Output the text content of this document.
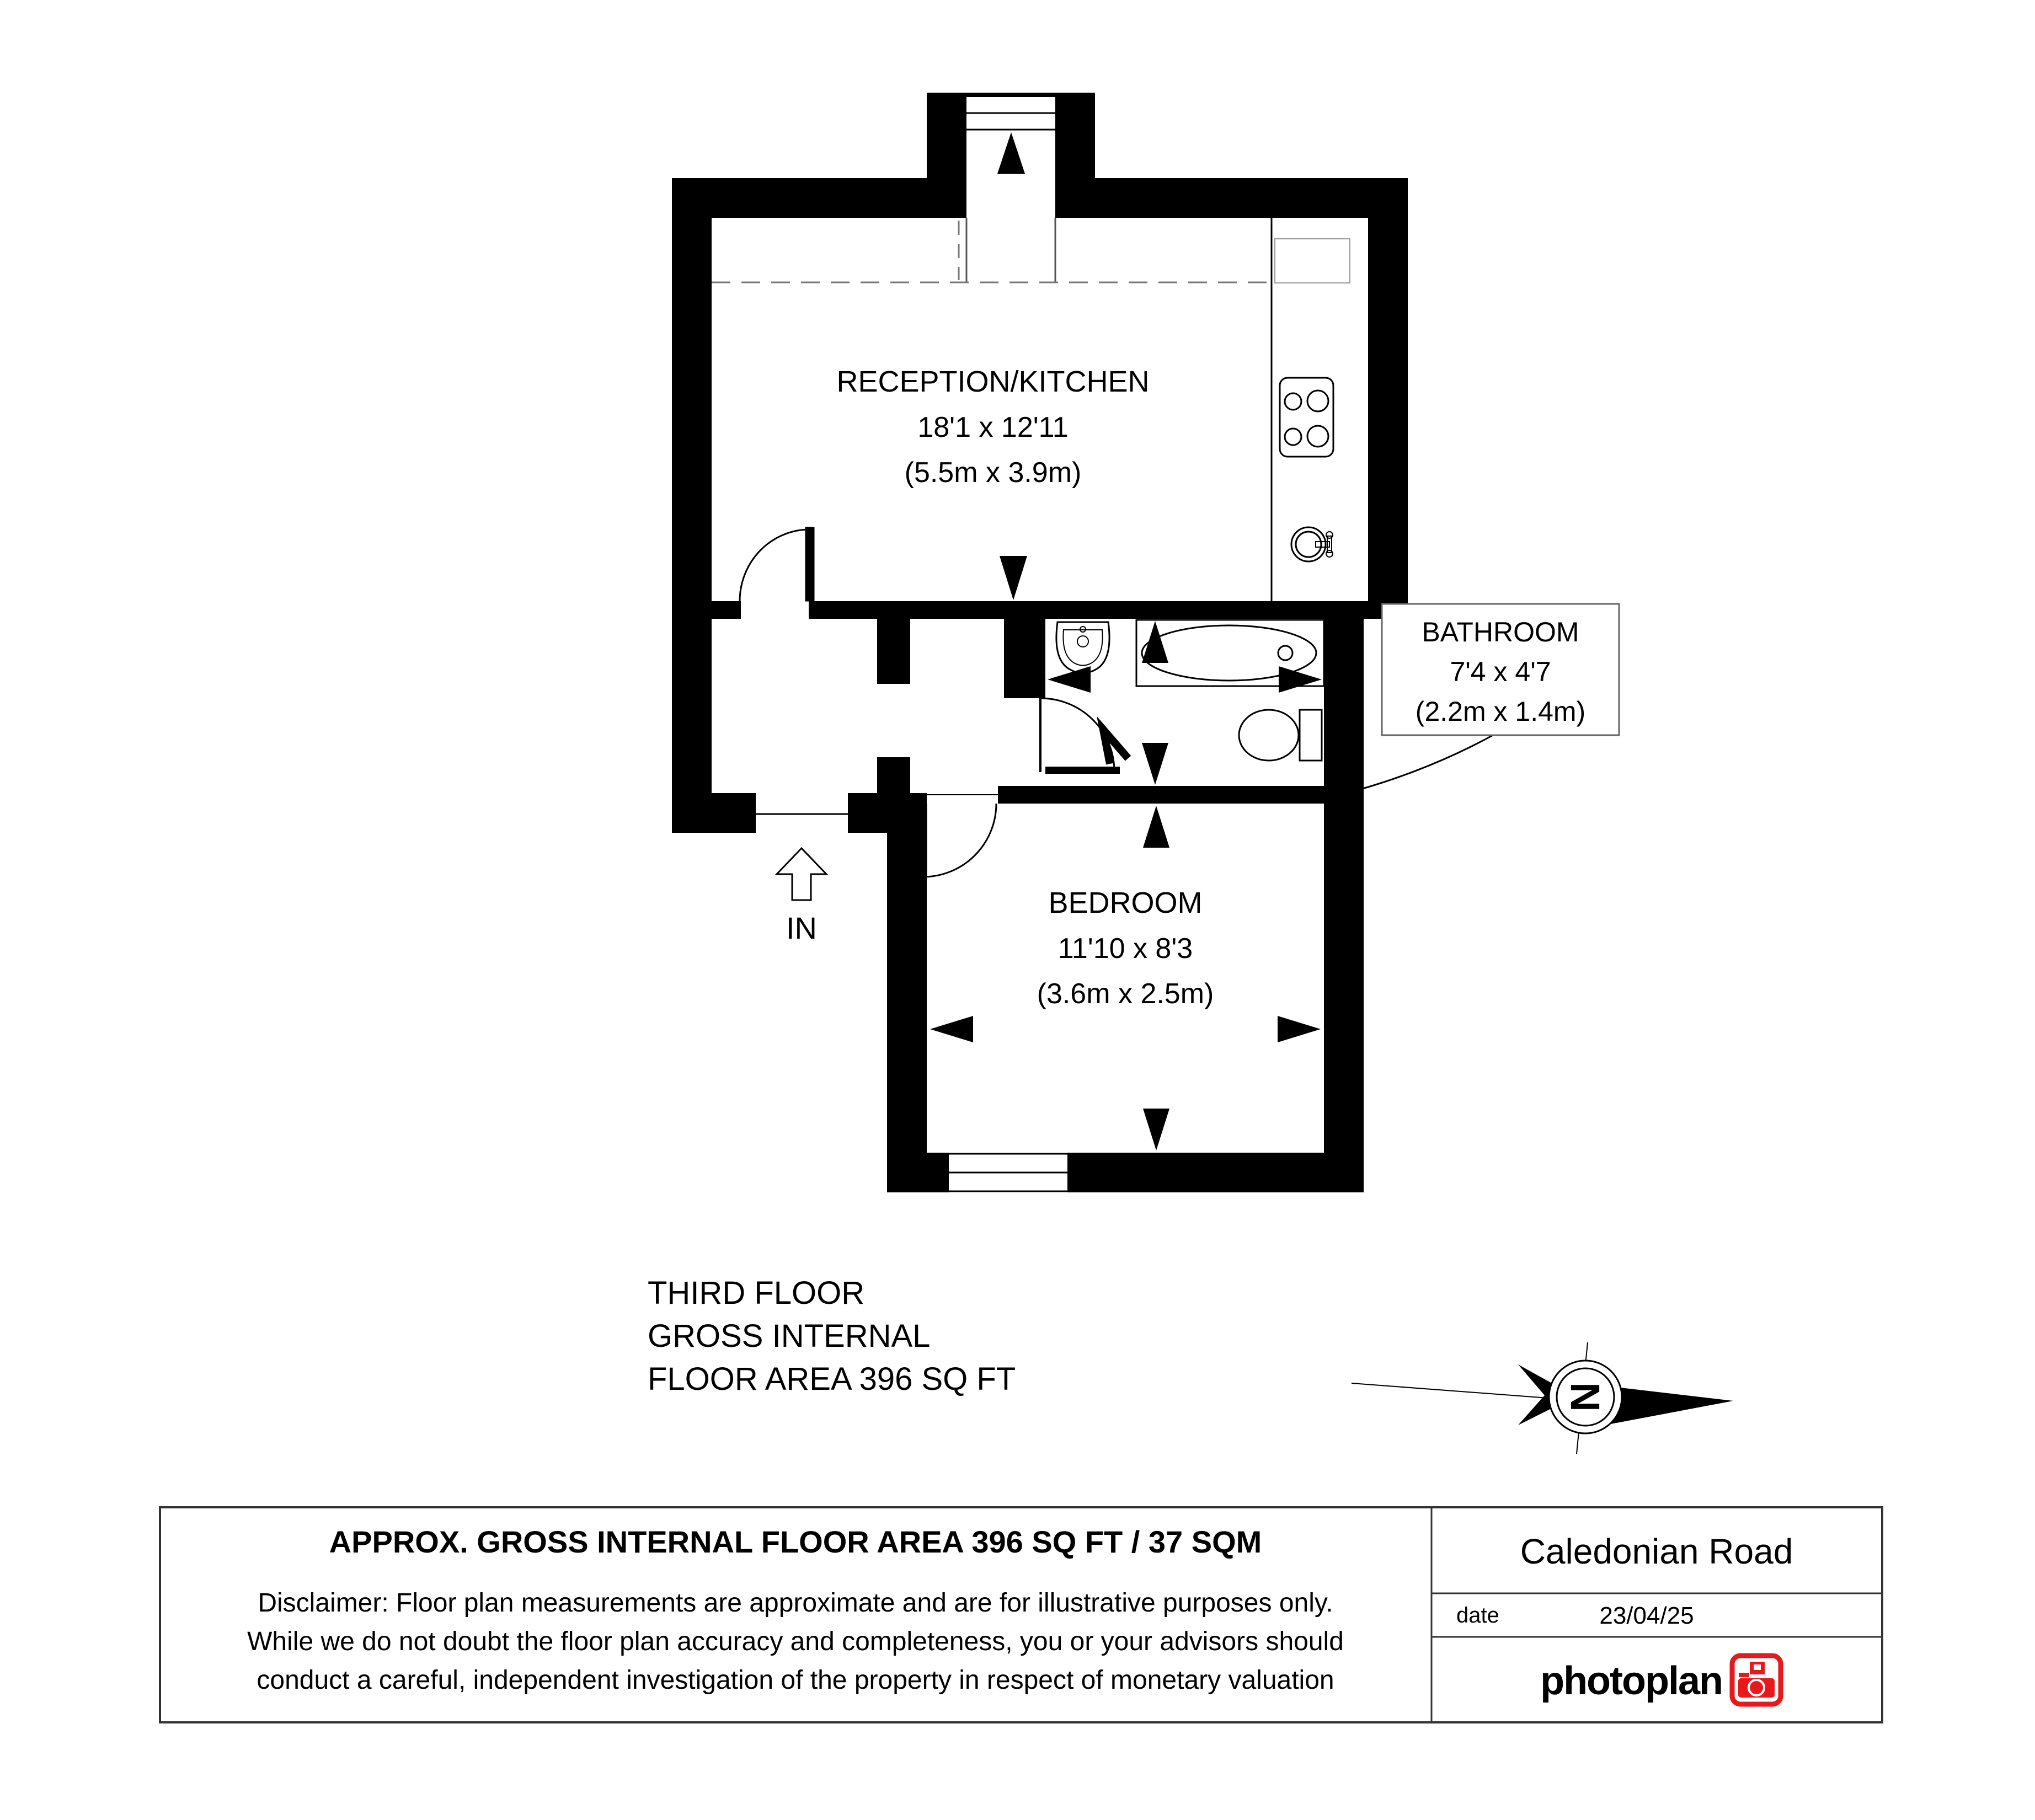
IN
RECEPTION/KITCHEN
18'1 x 12'11
(5.5m x 3.9m)
BEDROOM
11'10 x 8'3
(3.6m x 2.5m)
BATHROOM
7'4 x 4'7
(2.2m x 1.4m)
THIRD FLOOR
GROSS INTERNAL
FLOOR AREA 396 SQ FT	N
APPROX. GROSS INTERNAL FLOOR AREA 396 SQ FT / 37 SQM
Disclaimer: Floor plan measurements are approximate and are for illustrative purposes only.
While we do not doubt the floor plan accuracy and completeness, you or your advisors should
conduct a careful, independent investigation of the property in respect of monetary valuation
Caledonian Road
date	23/04/25
photoplan
